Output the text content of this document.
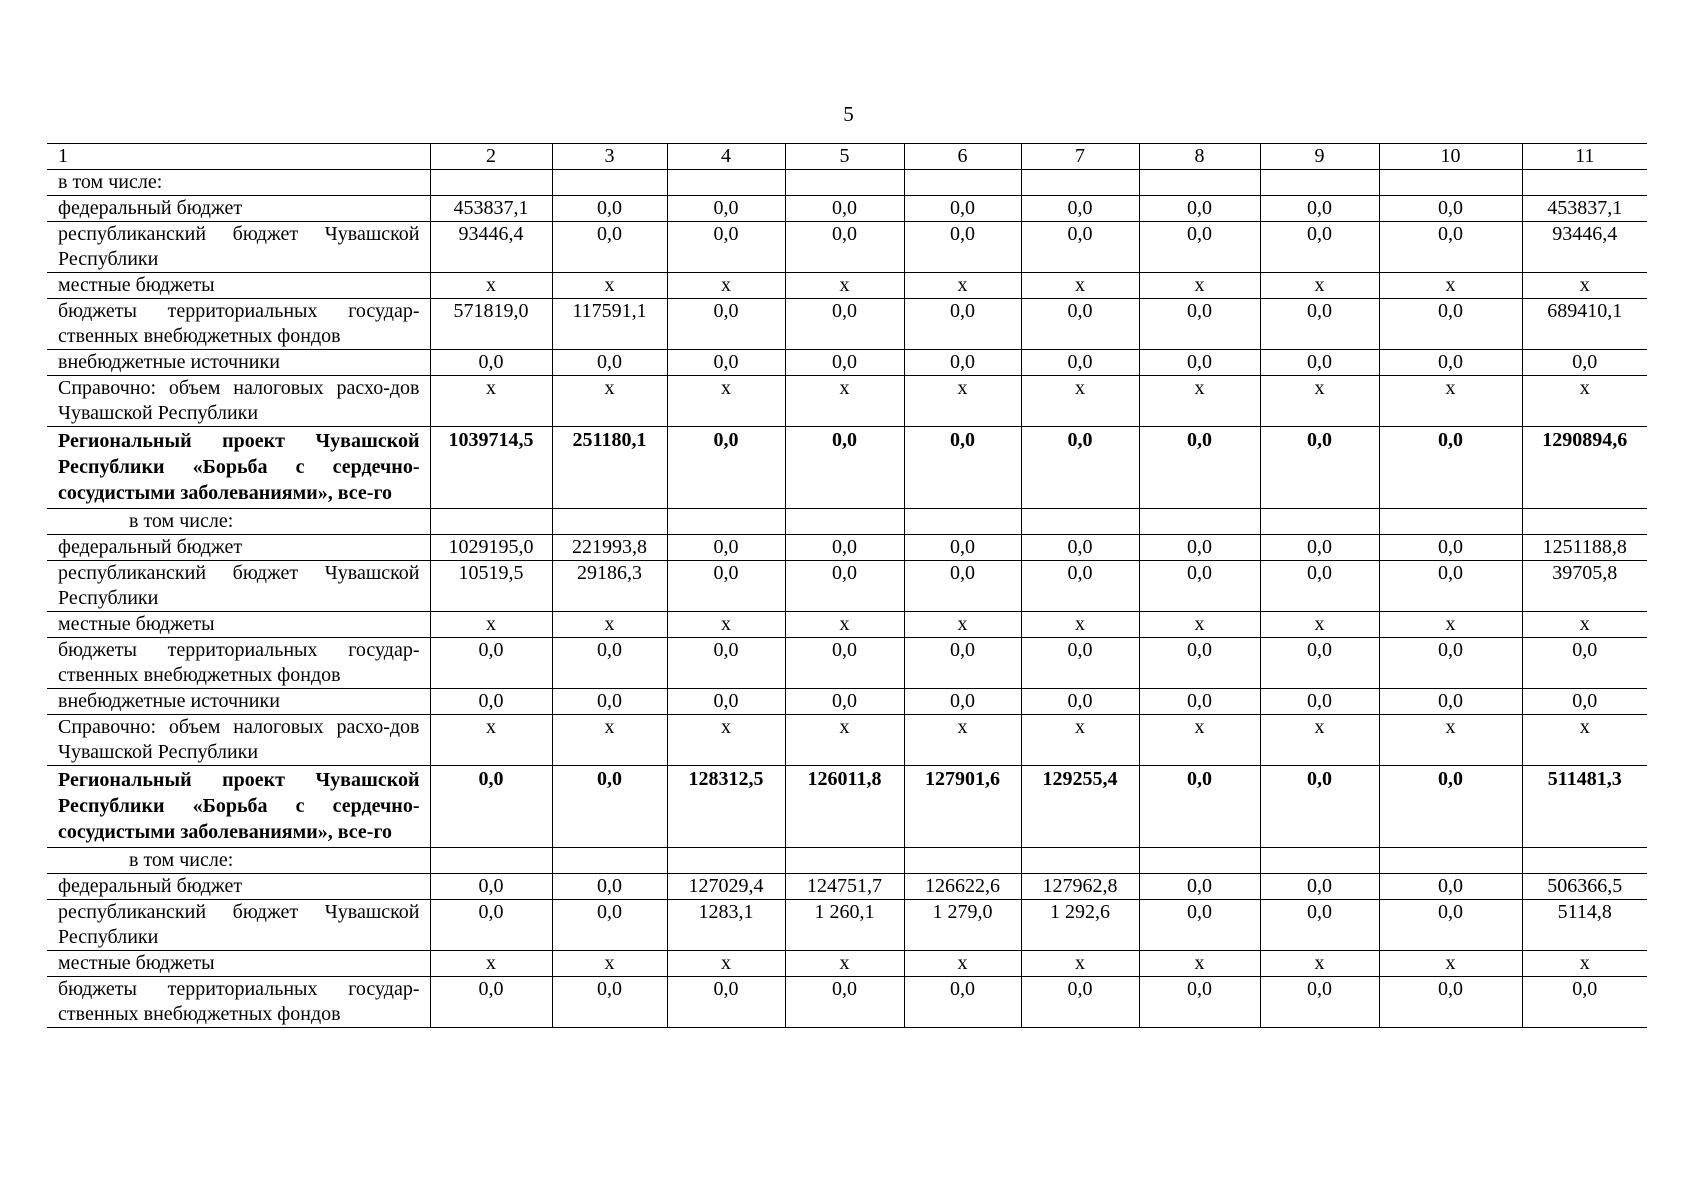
5
1	2	3	4	5	6	7	8	9	10	11
в том числе:										
федеральный бюджет	453837,1	0,0	0,0	0,0	0,0	0,0	0,0	0,0	0,0	453837,1
республиканский бюджет Чувашской Республики	93446,4	0,0	0,0	0,0	0,0	0,0	0,0	0,0	0,0	93446,4
местные бюджеты	х	х	х	х	х	х	х	х	х	х
бюджеты территориальных государ-ственных внебюджетных фондов	571819,0	117591,1	0,0	0,0	0,0	0,0	0,0	0,0	0,0	689410,1
внебюджетные источники	0,0	0,0	0,0	0,0	0,0	0,0	0,0	0,0	0,0	0,0
Справочно: объем налоговых расхо-дов Чувашской Республики	х	х	х	х	х	х	х	х	х	х
Региональный проект Чувашской Республики «Борьба с сердечно-сосудистыми заболеваниями», все-го	1039714,5	251180,1	0,0	0,0	0,0	0,0	0,0	0,0	0,0	1290894,6
в том числе:										
федеральный бюджет	1029195,0	221993,8	0,0	0,0	0,0	0,0	0,0	0,0	0,0	1251188,8
республиканский бюджет Чувашской Республики	10519,5	29186,3	0,0	0,0	0,0	0,0	0,0	0,0	0,0	39705,8
местные бюджеты	х	х	х	х	х	х	х	х	х	х
бюджеты территориальных государ-ственных внебюджетных фондов	0,0	0,0	0,0	0,0	0,0	0,0	0,0	0,0	0,0	0,0
внебюджетные источники	0,0	0,0	0,0	0,0	0,0	0,0	0,0	0,0	0,0	0,0
Справочно: объем налоговых расхо-дов Чувашской Республики	х	х	х	х	х	х	х	х	х	х
Региональный проект Чувашской Республики «Борьба с сердечно-сосудистыми заболеваниями», все-го	0,0	0,0	128312,5	126011,8	127901,6	129255,4	0,0	0,0	0,0	511481,3
в том числе:										
федеральный бюджет	0,0	0,0	127029,4	124751,7	126622,6	127962,8	0,0	0,0	0,0	506366,5
республиканский бюджет Чувашской Республики	0,0	0,0	1283,1	1 260,1	1 279,0	1 292,6	0,0	0,0	0,0	5114,8
местные бюджеты	х	х	х	х	х	х	х	х	х	х
бюджеты территориальных государ-ственных внебюджетных фондов	0,0	0,0	0,0	0,0	0,0	0,0	0,0	0,0	0,0	0,0
